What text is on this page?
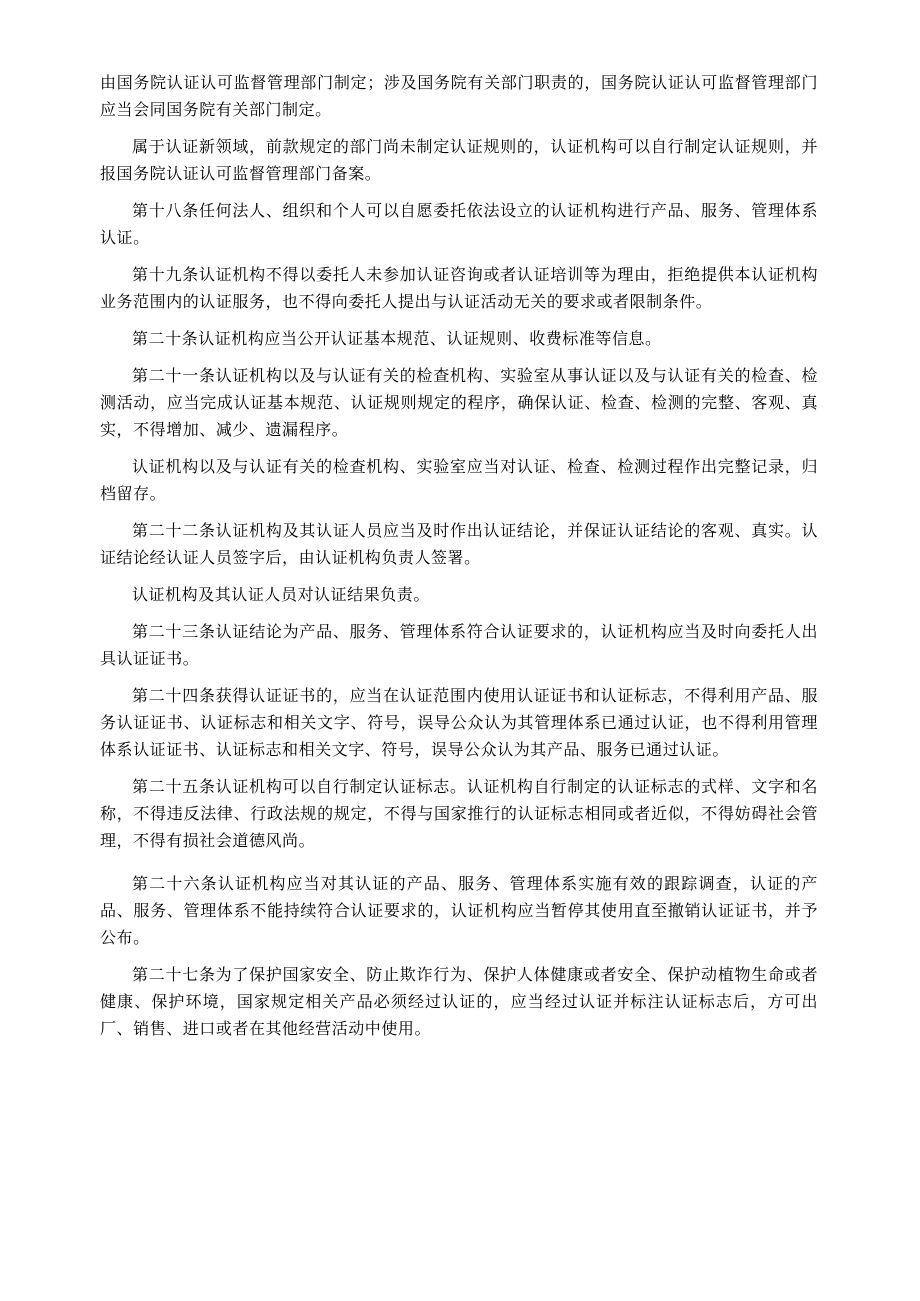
由国务院认证认可监督管理部门制定；涉及国务院有关部门职责的，国务院认证认可监督管理部门应当会同国务院有关部门制定。

属于认证新领域，前款规定的部门尚未制定认证规则的，认证机构可以自行制定认证规则，并报国务院认证认可监督管理部门备案。

第十八条任何法人、组织和个人可以自愿委托依法设立的认证机构进行产品、服务、管理体系认证。

第十九条认证机构不得以委托人未参加认证咨询或者认证培训等为理由，拒绝提供本认证机构业务范围内的认证服务，也不得向委托人提出与认证活动无关的要求或者限制条件。

第二十条认证机构应当公开认证基本规范、认证规则、收费标准等信息。

第二十一条认证机构以及与认证有关的检查机构、实验室从事认证以及与认证有关的检查、检测活动，应当完成认证基本规范、认证规则规定的程序，确保认证、检查、检测的完整、客观、真实，不得增加、减少、遗漏程序。

认证机构以及与认证有关的检查机构、实验室应当对认证、检查、检测过程作出完整记录，归档留存。

第二十二条认证机构及其认证人员应当及时作出认证结论，并保证认证结论的客观、真实。认证结论经认证人员签字后，由认证机构负责人签署。

认证机构及其认证人员对认证结果负责。

第二十三条认证结论为产品、服务、管理体系符合认证要求的，认证机构应当及时向委托人出具认证证书。

第二十四条获得认证证书的，应当在认证范围内使用认证证书和认证标志，不得利用产品、服务认证证书、认证标志和相关文字、符号，误导公众认为其管理体系已通过认证，也不得利用管理体系认证证书、认证标志和相关文字、符号，误导公众认为其产品、服务已通过认证。

第二十五条认证机构可以自行制定认证标志。认证机构自行制定的认证标志的式样、文字和名称，不得违反法律、行政法规的规定，不得与国家推行的认证标志相同或者近似，不得妨碍社会管理，不得有损社会道德风尚。

第二十六条认证机构应当对其认证的产品、服务、管理体系实施有效的跟踪调查，认证的产品、服务、管理体系不能持续符合认证要求的，认证机构应当暂停其使用直至撤销认证证书，并予公布。

第二十七条为了保护国家安全、防止欺诈行为、保护人体健康或者安全、保护动植物生命或者健康、保护环境，国家规定相关产品必须经过认证的，应当经过认证并标注认证标志后，方可出厂、销售、进口或者在其他经营活动中使用。
